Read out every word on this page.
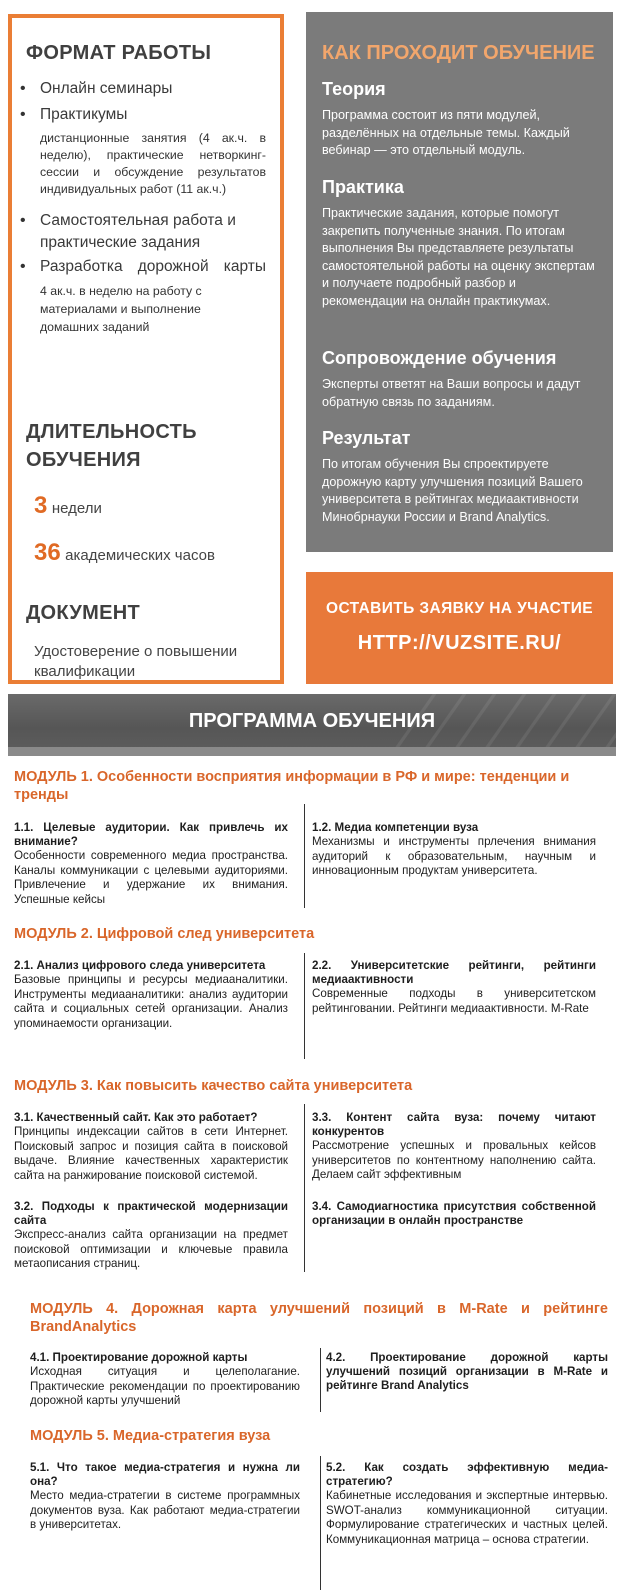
ФОРМАТ РАБОТЫ
• Онлайн семинары
• Практикумы
дистанционные занятия (4 ак.ч. в неделю), практические нетворкинг-сессии и обсуждение результатов индивидуальных работ (11 ак.ч.)
• Самостоятельная работа и практические задания
• Разработка дорожной карты
4 ак.ч. в неделю на работу с материалами и выполнение домашних заданий
ДЛИТЕЛЬНОСТЬ ОБУЧЕНИЯ
3 недели
36 академических часов
ДОКУМЕНТ
Удостоверение о повышении квалификации
КАК ПРОХОДИТ ОБУЧЕНИЕ
Теория
Программа состоит из пяти модулей, разделённых на отдельные темы. Каждый вебинар — это отдельный модуль.
Практика
Практические задания, которые помогут закрепить полученные знания. По итогам выполнения Вы представляете результаты самостоятельной работы на оценку экспертам и получаете подробный разбор и рекомендации на онлайн практикумах.
Сопровождение обучения
Эксперты ответят на Ваши вопросы и дадут обратную связь по заданиям.
Результат
По итогам обучения Вы спроектируете дорожную карту улучшения позиций Вашего университета в рейтингах медиаактивности Минобрнауки России и Brand Analytics.
ОСТАВИТЬ ЗАЯВКУ НА УЧАСТИЕ
HTTP://VUZSITE.RU/
ПРОГРАММА ОБУЧЕНИЯ
МОДУЛЬ 1. Особенности восприятия информации в РФ и мире: тенденции и тренды
1.1. Целевые аудитории. Как привлечь их внимание?
Особенности современного медиа пространства. Каналы коммуникации с целевыми аудиториями. Привлечение и удержание их внимания. Успешные кейсы
1.2. Медиа компетенции вуза
Механизмы и инструменты прлечения внимания аудиторий к образовательным, научным и инновационным продуктам университета.
МОДУЛЬ 2. Цифровой след университета
2.1. Анализ цифрового следа университета
Базовые принципы и ресурсы медиааналитики. Инструменты медиааналитики: анализ аудитории сайта и социальных сетей организации. Анализ упоминаемости организации.
2.2. Университетские рейтинги, рейтинги медиаактивности
Современные подходы в университетском рейтинговании. Рейтинги медиаактивности. M-Rate
МОДУЛЬ 3. Как повысить качество сайта университета
3.1. Качественный сайт. Как это работает?
Принципы индексации сайтов в сети Интернет. Поисковый запрос и позиция сайта в поисковой выдаче. Влияние качественных характеристик сайта на ранжирование поисковой системой.
3.2. Подходы к практической модернизации сайта
Экспресс-анализ сайта организации на предмет поисковой оптимизации и ключевые правила метаописания страниц.
3.3. Контент сайта вуза: почему читают конкурентов
Рассмотрение успешных и провальных кейсов университетов по контентному наполнению сайта. Делаем сайт эффективным
3.4. Самодиагностика присутствия собственной организации в онлайн пространстве
МОДУЛЬ 4. Дорожная карта улучшений позиций в M-Rate и рейтинге BrandAnalytics
4.1. Проектирование дорожной карты
Исходная ситуация и целеполагание. Практические рекомендации по проектированию дорожной карты улучшений
4.2. Проектирование дорожной карты улучшений позиций организации в M-Rate и рейтинге Brand Analytics
МОДУЛЬ 5. Медиа-стратегия вуза
5.1. Что такое медиа-стратегия и нужна ли она?
Место медиа-стратегии в системе программных документов вуза. Как работают медиа-стратегии в университетах.
5.2. Как создать эффективную медиа-стратегию?
Кабинетные исследования и экспертные интервью. SWOT-анализ коммуникационной ситуации. Формулирование стратегических и частных целей. Коммуникационная матрица – основа стратегии.
